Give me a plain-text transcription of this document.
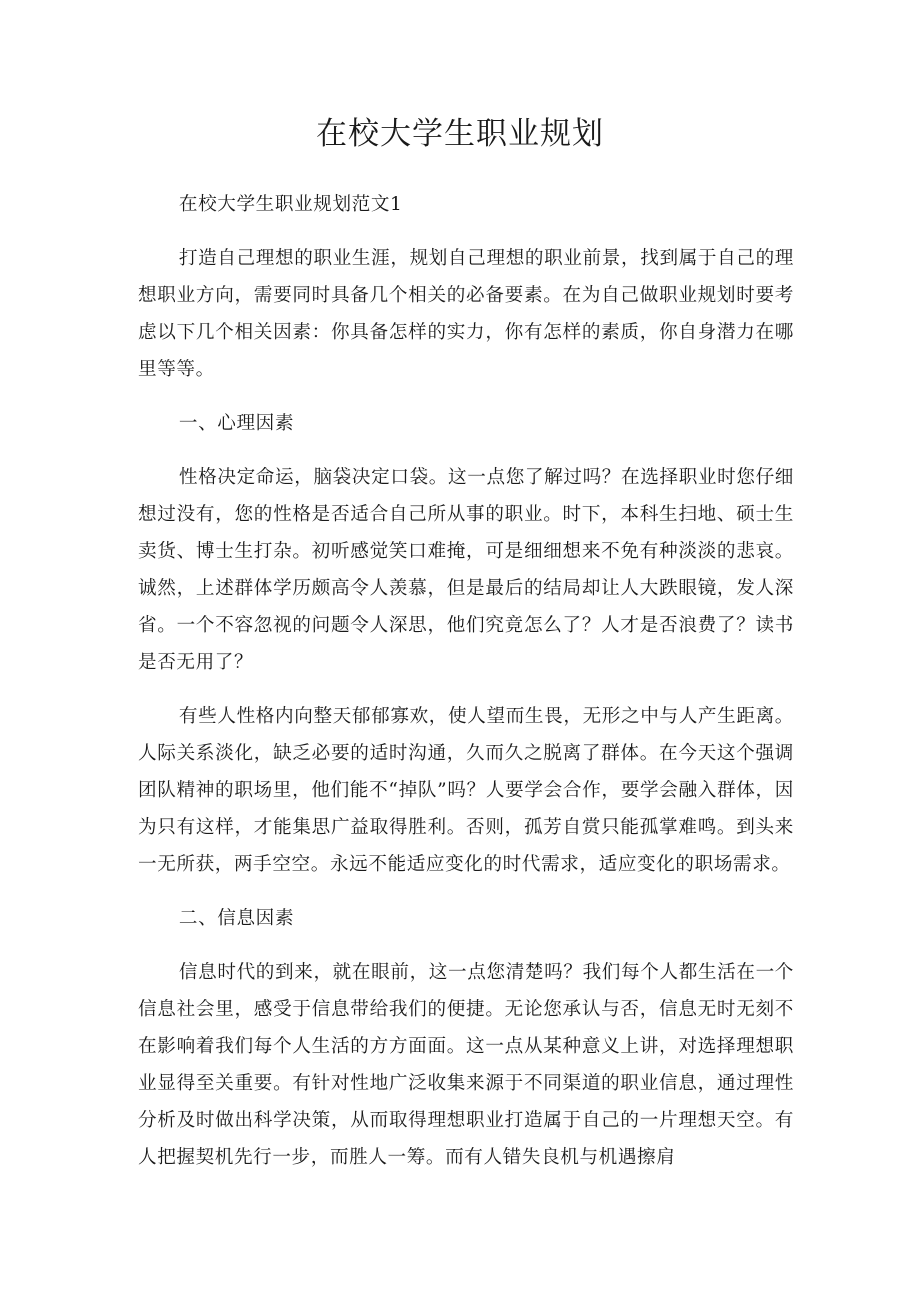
在校大学生职业规划

在校大学生职业规划范文1

打造自己理想的职业生涯，规划自己理想的职业前景，找到属于自己的理想职业方向，需要同时具备几个相关的必备要素。在为自己做职业规划时要考虑以下几个相关因素：你具备怎样的实力，你有怎样的素质，你自身潜力在哪里等等。

一、心理因素

性格决定命运，脑袋决定口袋。这一点您了解过吗？在选择职业时您仔细想过没有，您的性格是否适合自己所从事的职业。时下，本科生扫地、硕士生卖货、博士生打杂。初听感觉笑口难掩，可是细细想来不免有种淡淡的悲哀。诚然，上述群体学历颇高令人羡慕，但是最后的结局却让人大跌眼镜，发人深省。一个不容忽视的问题令人深思，他们究竟怎么了？人才是否浪费了？读书是否无用了？

有些人性格内向整天郁郁寡欢，使人望而生畏，无形之中与人产生距离。人际关系淡化，缺乏必要的适时沟通，久而久之脱离了群体。在今天这个强调团队精神的职场里，他们能不“掉队”吗？人要学会合作，要学会融入群体，因为只有这样，才能集思广益取得胜利。否则，孤芳自赏只能孤掌难鸣。到头来一无所获，两手空空。永远不能适应变化的时代需求，适应变化的职场需求。

二、信息因素

信息时代的到来，就在眼前，这一点您清楚吗？我们每个人都生活在一个信息社会里，感受于信息带给我们的便捷。无论您承认与否，信息无时无刻不在影响着我们每个人生活的方方面面。这一点从某种意义上讲，对选择理想职业显得至关重要。有针对性地广泛收集来源于不同渠道的职业信息，通过理性分析及时做出科学决策，从而取得理想职业打造属于自己的一片理想天空。有人把握契机先行一步，而胜人一筹。而有人错失良机与机遇擦肩
